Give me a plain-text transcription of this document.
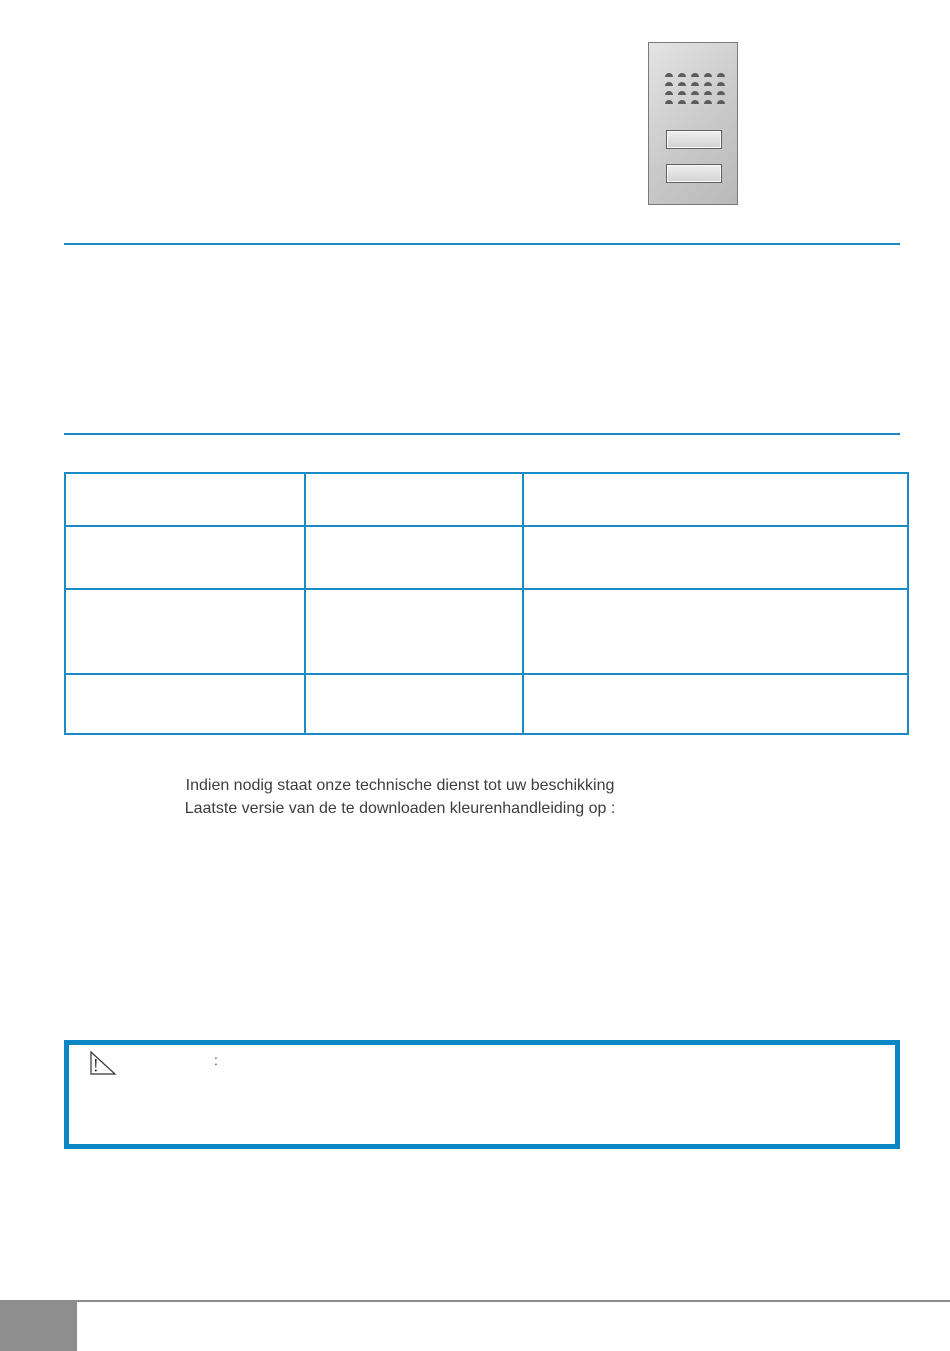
Indien nodig staat onze technische dienst tot uw beschikking
Laatste versie van de te downloaden kleurenhandleiding op :
:
